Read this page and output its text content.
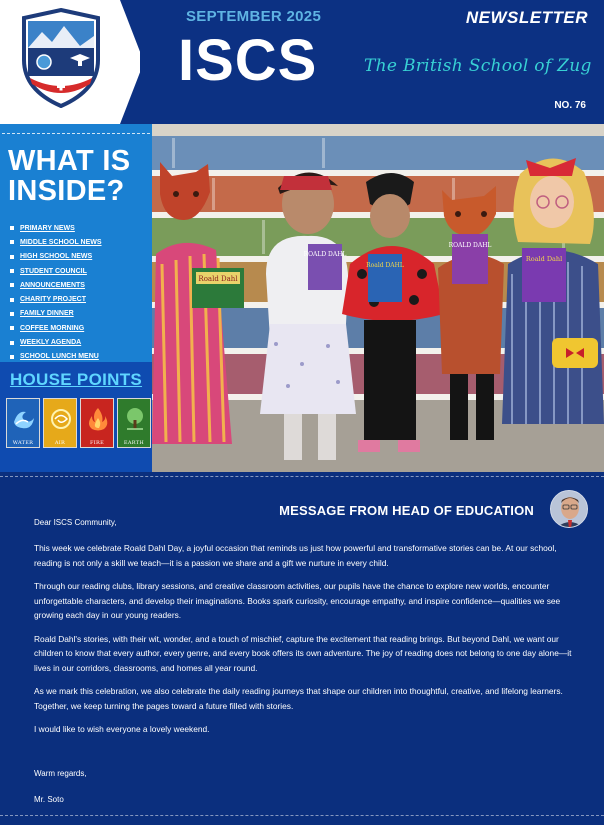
SEPTEMBER 2025
ISCS
NEWSLETTER
The British School of Zug
NO. 76
WHAT IS
INSIDE?
PRIMARY NEWS
MIDDLE SCHOOL NEWS
HIGH SCHOOL NEWS
STUDENT COUNCIL
ANNOUNCEMENTS
CHARITY PROJECT
FAMILY DINNER
COFFEE MORNING
WEEKLY AGENDA
SCHOOL LUNCH MENU
HOUSE POINTS
WATER	AIR	FIRE	EARTH
Roald Dahl
ROALD DAHL
Roald DAHL
ROALD DAHL
Roald Dahl
MESSAGE FROM HEAD OF EDUCATION
Dear ISCS Community,

This week we celebrate Roald Dahl Day, a joyful occasion that reminds us just how powerful and transformative stories can be. At our school, reading is not only a skill we teach—it is a passion we share and a gift we nurture in every child.

Through our reading clubs, library sessions, and creative classroom activities, our pupils have the chance to explore new worlds, encounter unforgettable characters, and develop their imaginations. Books spark curiosity, encourage empathy, and inspire confidence—qualities we see growing each day in our young readers.

Roald Dahl's stories, with their wit, wonder, and a touch of mischief, capture the excitement that reading brings. But beyond Dahl, we want our children to know that every author, every genre, and every book offers its own adventure. The joy of reading does not belong to one day alone—it lives in our corridors, classrooms, and homes all year round.

As we mark this celebration, we also celebrate the daily reading journeys that shape our children into thoughtful, creative, and lifelong learners. Together, we keep turning the pages toward a future filled with stories.

I would like to wish everyone a lovely weekend.

Warm regards,
Mr. Soto
